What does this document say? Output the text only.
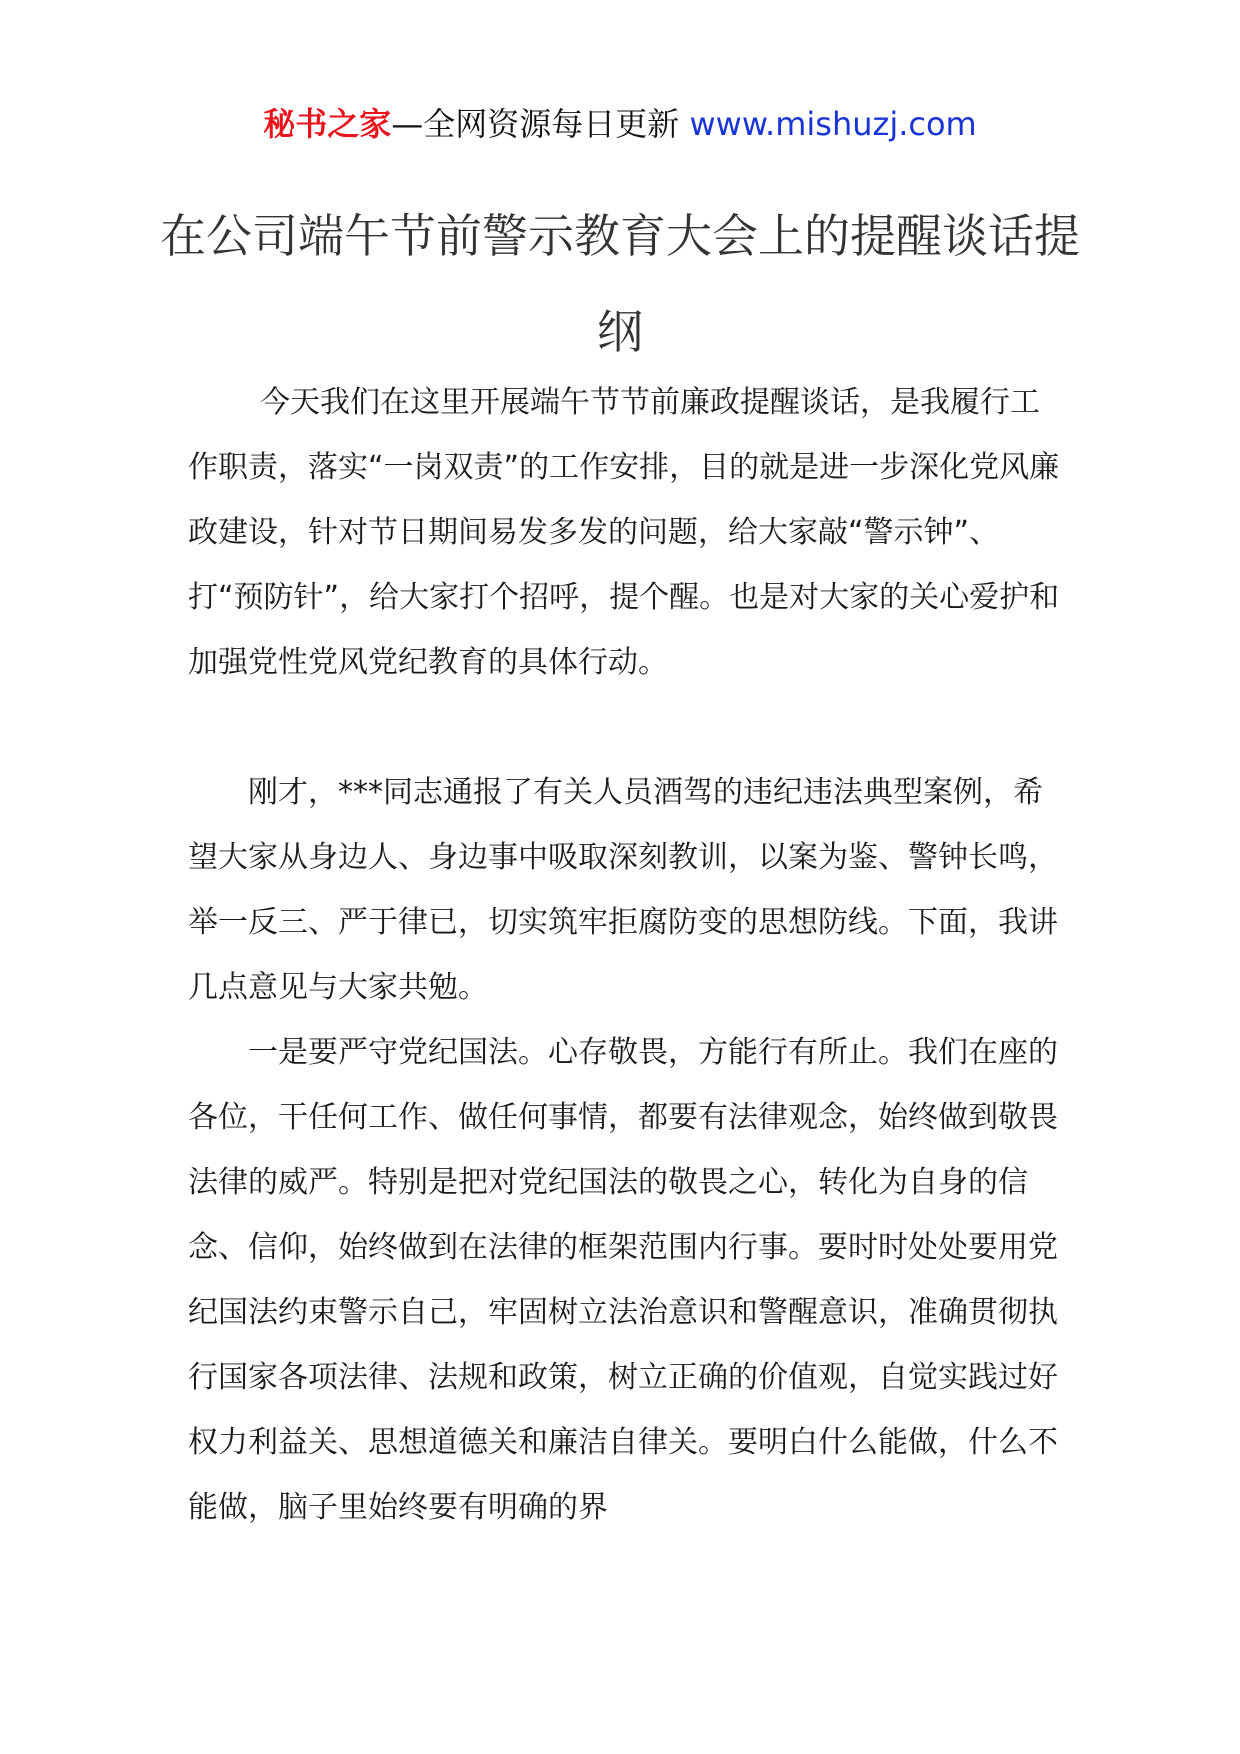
秘书之家—全网资源每日更新 www.mishuzj.com
在公司端午节前警示教育大会上的提醒谈话提纲

今天我们在这里开展端午节节前廉政提醒谈话，是我履行工作职责，落实“一岗双责”的工作安排，目的就是进一步深化党风廉政建设，针对节日期间易发多发的问题，给大家敲“警示钟”、打“预防针”，给大家打个招呼，提个醒。也是对大家的关心爱护和加强党性党风党纪教育的具体行动。

刚才，***同志通报了有关人员酒驾的违纪违法典型案例，希望大家从身边人、身边事中吸取深刻教训，以案为鉴、警钟长鸣，举一反三、严于律已，切实筑牢拒腐防变的思想防线。下面，我讲几点意见与大家共勉。

一是要严守党纪国法。心存敬畏，方能行有所止。我们在座的各位，干任何工作、做任何事情，都要有法律观念，始终做到敬畏法律的威严。特别是把对党纪国法的敬畏之心，转化为自身的信念、信仰，始终做到在法律的框架范围内行事。要时时处处要用党纪国法约束警示自己，牢固树立法治意识和警醒意识，准确贯彻执行国家各项法律、法规和政策，树立正确的价值观，自觉实践过好权力利益关、思想道德关和廉洁自律关。要明白什么能做，什么不能做，脑子里始终要有明确的界
